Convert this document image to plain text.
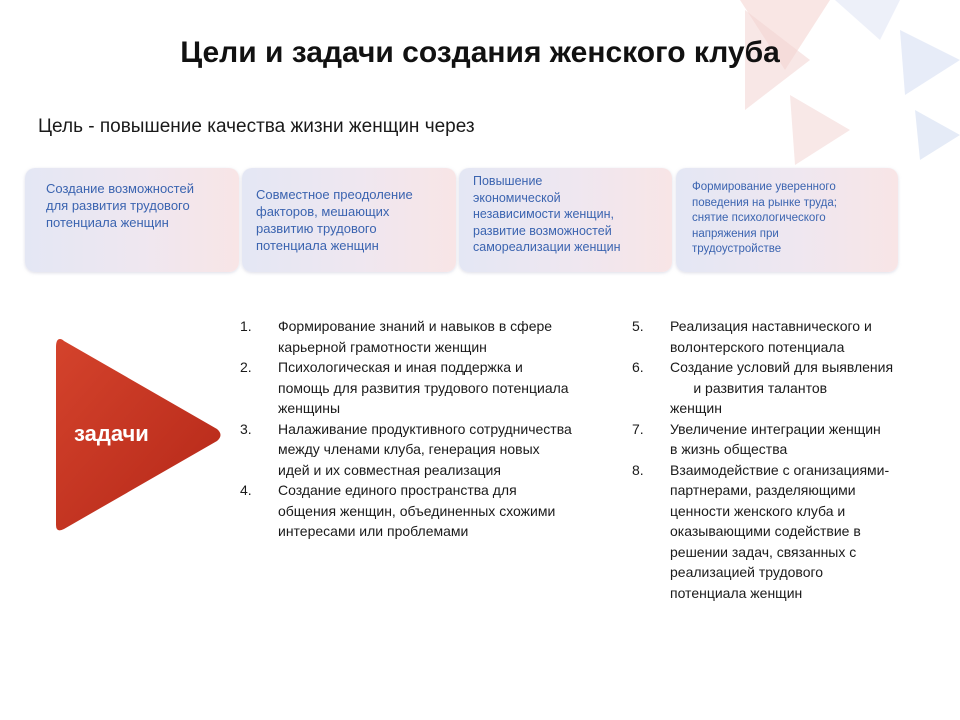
Цели и задачи создания женского клуба
Цель - повышение качества жизни женщин через
Создание возможностей
для развития трудового
потенциала женщин
Совместное преодоление
факторов, мешающих
развитию трудового
потенциала женщин
Повышение
экономической
независимости женщин,
развитие возможностей
самореализации женщин
Формирование уверенного
поведения на рынке труда;
снятие психологического
напряжения при
трудоустройстве
задачи
1. Формирование знаний и навыков в сфере
карьерной грамотности женщин
2. Психологическая и иная поддержка и
помощь для развития трудового потенциала
женщины
3. Налаживание продуктивного сотрудничества
между членами клуба, генерация новых
идей и их совместная реализация
4. Создание единого пространства для
общения женщин, объединенных схожими
интересами или проблемами
5. Реализация наставнического и
волонтерского потенциала
6. Создание условий для выявления
и развития талантов
женщин
7. Увеличение интеграции женщин
в жизнь общества
8. Взаимодействие с оганизациями-
партнерами, разделяющими
ценности женского клуба и
оказывающими содействие в
решении задач, связанных с
реализацией трудового
потенциала женщин
